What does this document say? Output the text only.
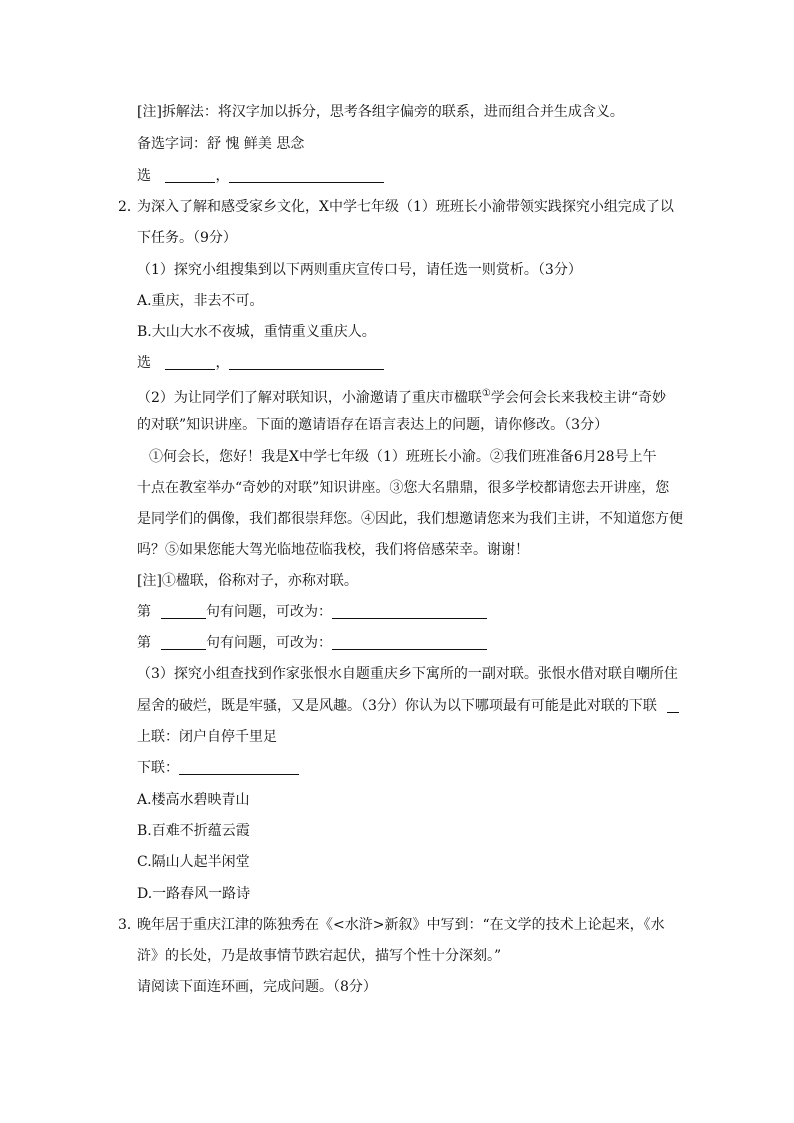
[注]拆解法：将汉字加以拆分，思考各组字偏旁的联系，进而组合并生成含义。
备选字词：舒 愧 鲜美 思念
选	，
2．
为深入了解和感受家乡文化，X中学七年级（1）班班长小渝带领实践探究小组完成了以
下任务。（9分）
（1）探究小组搜集到以下两则重庆宣传口号，请任选一则赏析。（3分）
A.重庆，非去不可。
B.大山大水不夜城，重情重义重庆人。
选	，
（2）为让同学们了解对联知识，小渝邀请了重庆市楹联①学会何会长来我校主讲“奇妙
的对联”知识讲座。下面的邀请语存在语言表达上的问题，请你修改。（3分）
①何会长，您好！我是X中学七年级（1）班班长小渝。②我们班准备6月28号上午
十点在教室举办“奇妙的对联”知识讲座。③您大名鼎鼎，很多学校都请您去开讲座，您
是同学们的偶像，我们都很崇拜您。④因此，我们想邀请您来为我们主讲，不知道您方便
吗？⑤如果您能大驾光临地莅临我校，我们将倍感荣幸。谢谢！
[注]①楹联，俗称对子，亦称对联。
第	句有问题，可改为：
第	句有问题，可改为：
（3）探究小组查找到作家张恨水自题重庆乡下寓所的一副对联。张恨水借对联自嘲所住
屋舍的破烂，既是牢骚，又是风趣。（3分）你认为以下哪项最有可能是此对联的下联
上联：闭户自停千里足
下联：
A.楼高水碧映青山
B.百难不折蕴云霞
C.隔山人起半闲堂
D.一路春风一路诗
3．
晚年居于重庆江津的陈独秀在《<水浒>新叙》中写到：“在文学的技术上论起来，《水
浒》的长处，乃是故事情节跌宕起伏，描写个性十分深刻。”
请阅读下面连环画，完成问题。（8分）
